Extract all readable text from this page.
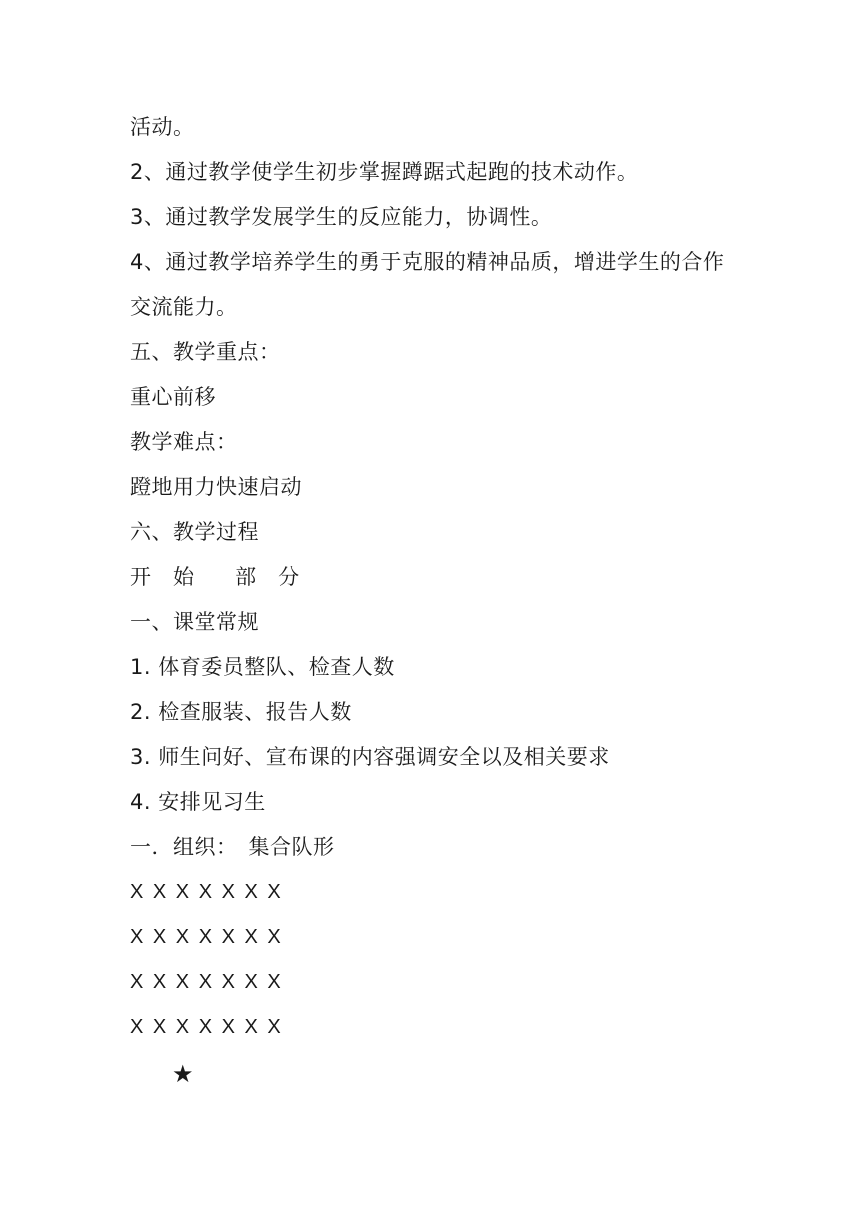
活动。
2、通过教学使学生初步掌握蹲踞式起跑的技术动作。
3、通过教学发展学生的反应能力，协调性。
4、通过教学培养学生的勇于克服的精神品质，增进学生的合作
交流能力。
五、教学重点：
重心前移
教学难点：
蹬地用力快速启动
六、教学过程
开　始　 部　分
一、课堂常规
1. 体育委员整队、检查人数
2. 检查服装、报告人数
3. 师生问好、宣布课的内容强调安全以及相关要求
4. 安排见习生
一．组织：　集合队形
X X X X X X X
X X X X X X X
X X X X X X X
X X X X X X X
★
